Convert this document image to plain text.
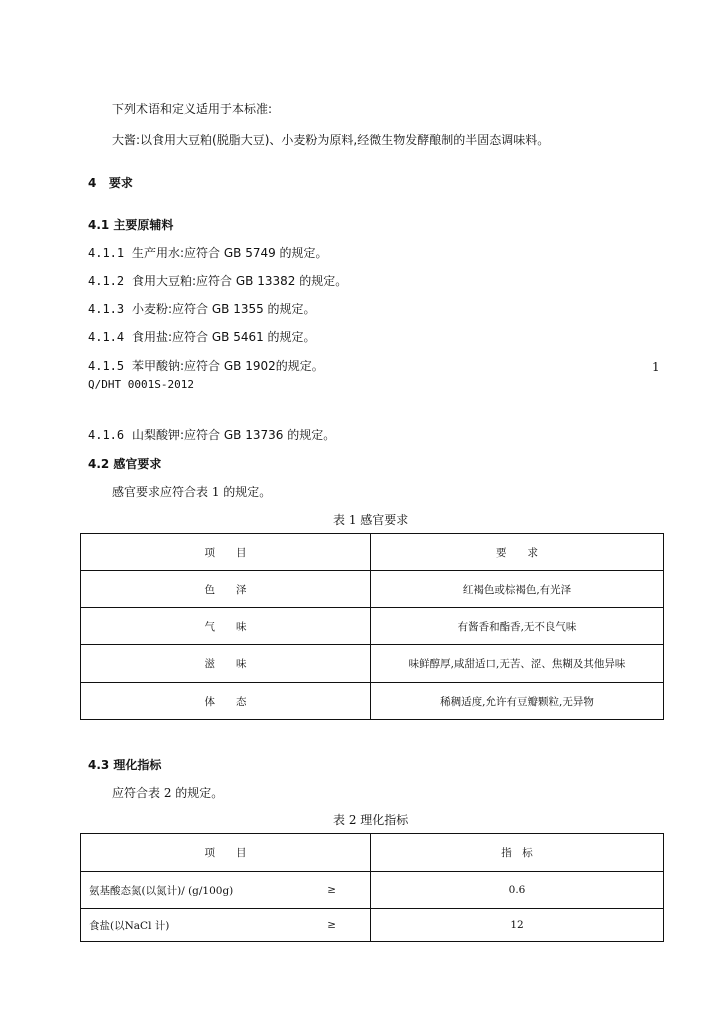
下列术语和定义适用于本标准:
大酱:以食用大豆粕(脱脂大豆)、小麦粉为原料,经微生物发酵酿制的半固态调味料。
4 要求
4.1 主要原辅料
4.1.1 生产用水:应符合 GB 5749 的规定。
4.1.2 食用大豆粕:应符合 GB 13382 的规定。
4.1.3 小麦粉:应符合 GB 1355 的规定。
4.1.4 食用盐:应符合 GB 5461 的规定。
4.1.5 苯甲酸钠:应符合 GB 1902的规定。	1
Q/DHT 0001S-2012
4.1.6 山梨酸钾:应符合 GB 13736 的规定。
4.2 感官要求
感官要求应符合表 1 的规定。
表 1 感官要求
项　　目	要　　求
色　　泽	红褐色或棕褐色,有光泽
气　　味	有酱香和酯香,无不良气味
滋　　味	味鲜醇厚,咸甜适口,无苦、涩、焦糊及其他异味
体　　态	稀稠适度,允许有豆瓣颗粒,无异物
4.3 理化指标
应符合表 2 的规定。
表 2 理化指标
项　　目	指　标
氨基酸态氮(以氮计)/ (g/100g) ≥	0.6
食盐(以NaCl 计) ≥	12
